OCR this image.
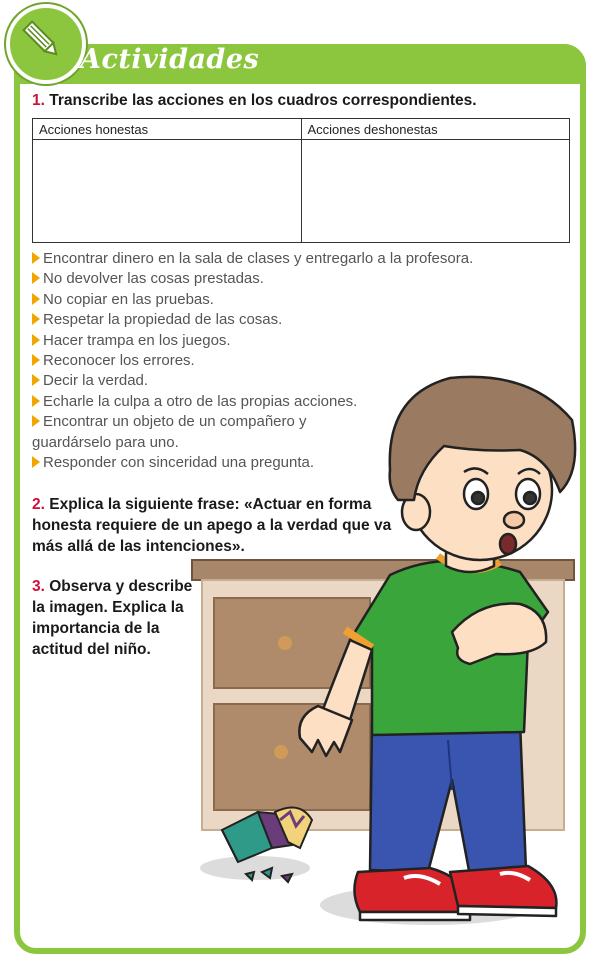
Actividades
1. Transcribe las acciones en los cuadros correspondientes.
Acciones honestas	Acciones deshonestas

Encontrar dinero en la sala de clases y entregarlo a la profesora.
No devolver las cosas prestadas.
No copiar en las pruebas.
Respetar la propiedad de las cosas.
Hacer trampa en los juegos.
Reconocer los errores.
Decir la verdad.
Echarle la culpa a otro de las propias acciones.
Encontrar un objeto de un compañero y
guardárselo para uno.
Responder con sinceridad una pregunta.
2. Explica la siguiente frase: «Actuar en forma
honesta requiere de un apego a la verdad que va
más allá de las intenciones».
3. Observa y describe
la imagen. Explica la
importancia de la
actitud del niño.
